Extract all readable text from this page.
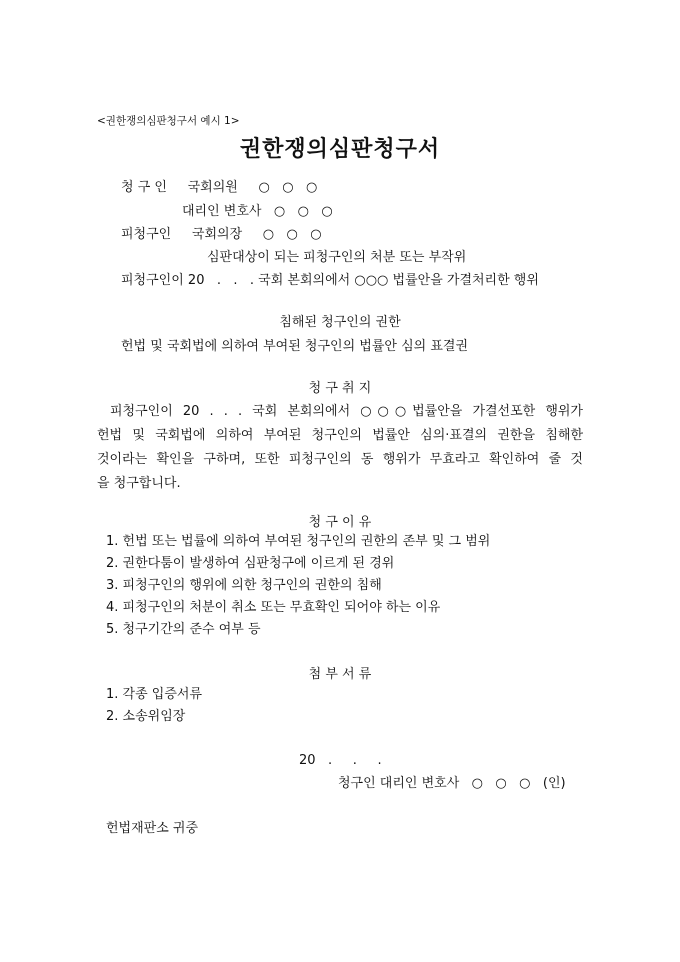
<권한쟁의심판청구서 예시 1>
권한쟁의심판청구서
청 구 인     국회의원     ○   ○   ○
대리인 변호사   ○   ○   ○
피청구인     국회의장     ○   ○   ○
심판대상이 되는 피청구인의 처분 또는 부작위
피청구인이 20   .   .   . 국회 본회의에서 ○○○ 법률안을 가결처리한 행위
침해된 청구인의 권한
헌법 및 국회법에 의하여 부여된 청구인의 법률안 심의 표결권
청 구 취 지
피청구인이 20 . . . 국회 본회의에서 ○○○법률안을 가결선포한 행위가
헌법 및 국회법에 의하여 부여된 청구인의 법률안 심의·표결의 권한을 침해한
것이라는 확인을 구하며, 또한 피청구인의 동 행위가 무효라고 확인하여 줄 것
을 청구합니다.
청 구 이 유
1. 헌법 또는 법률에 의하여 부여된 청구인의 권한의 존부 및 그 범위
2. 권한다툼이 발생하여 심판청구에 이르게 된 경위
3. 피청구인의 행위에 의한 청구인의 권한의 침해
4. 피청구인의 처분이 취소 또는 무효확인 되어야 하는 이유
5. 청구기간의 준수 여부 등
첨 부 서 류
1. 각종 입증서류
2. 소송위임장
20   .     .     .
청구인 대리인 변호사   ○   ○   ○   (인)
헌법재판소 귀중
